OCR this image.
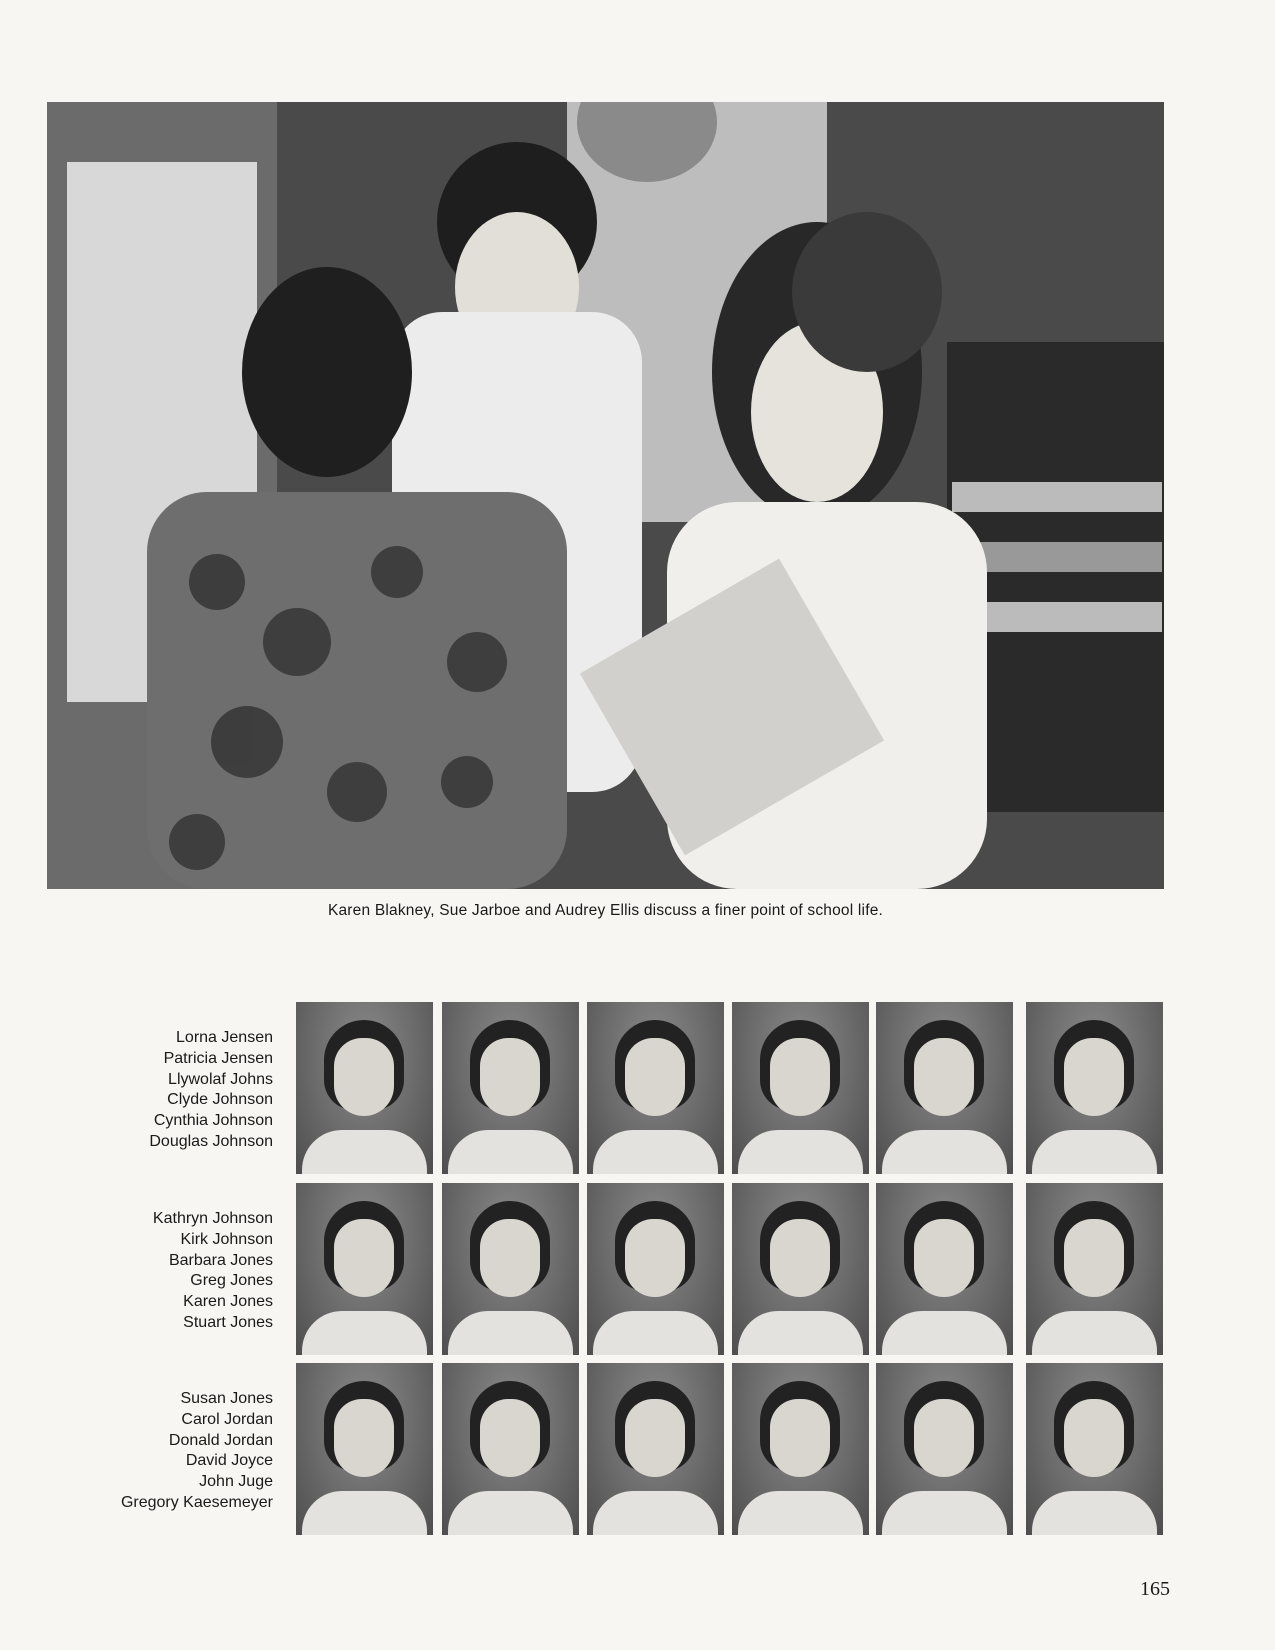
Karen Blakney, Sue Jarboe and Audrey Ellis discuss a finer point of school life.
Lorna Jensen
Patricia Jensen
Llywolaf Johns
Clyde Johnson
Cynthia Johnson
Douglas Johnson
Kathryn Johnson
Kirk Johnson
Barbara Jones
Greg Jones
Karen Jones
Stuart Jones
Susan Jones
Carol Jordan
Donald Jordan
David Joyce
John Juge
Gregory Kaesemeyer
165
